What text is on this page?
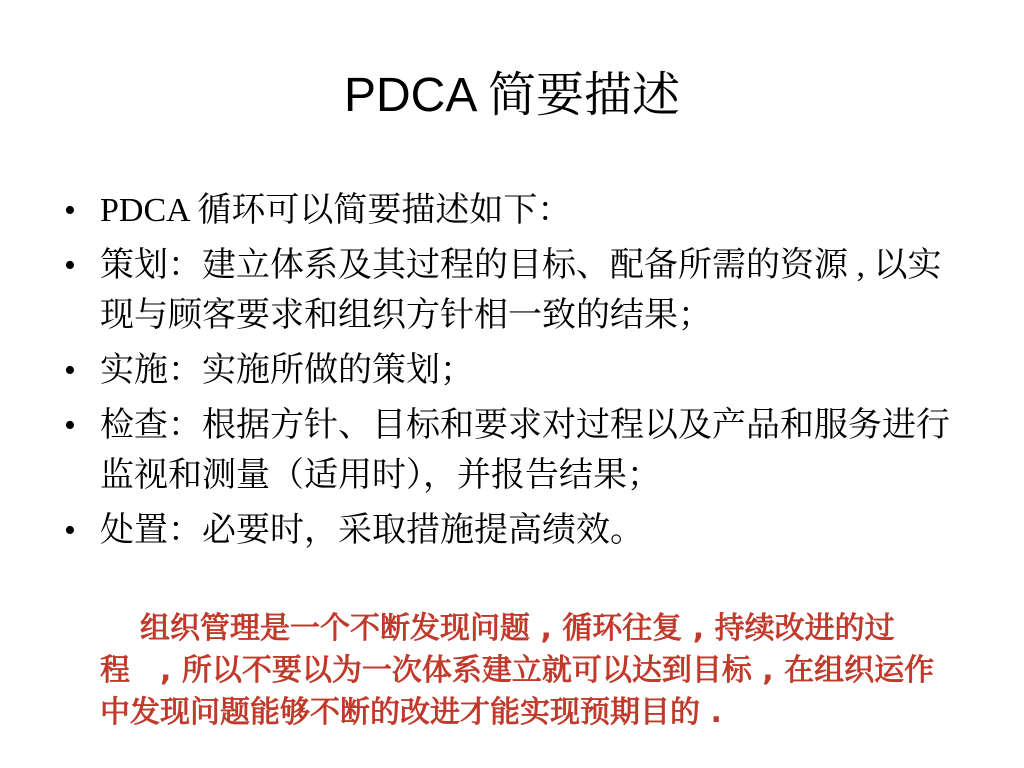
PDCA 简要描述
• PDCA 循环可以简要描述如下：
• 策划：建立体系及其过程的目标、配备所需的资源 , 以实现与顾客要求和组织方针相一致的结果；
• 实施：实施所做的策划；
• 检查：根据方针、目标和要求对过程以及产品和服务进行监视和测量（适用时），并报告结果；
• 处置：必要时，采取措施提高绩效。

组织管理是一个不断发现问题 , 循环往复 , 持续改进的过程　, 所以不要以为一次体系建立就可以达到目标 , 在组织运作中发现问题能够不断的改进才能实现预期目的 .
